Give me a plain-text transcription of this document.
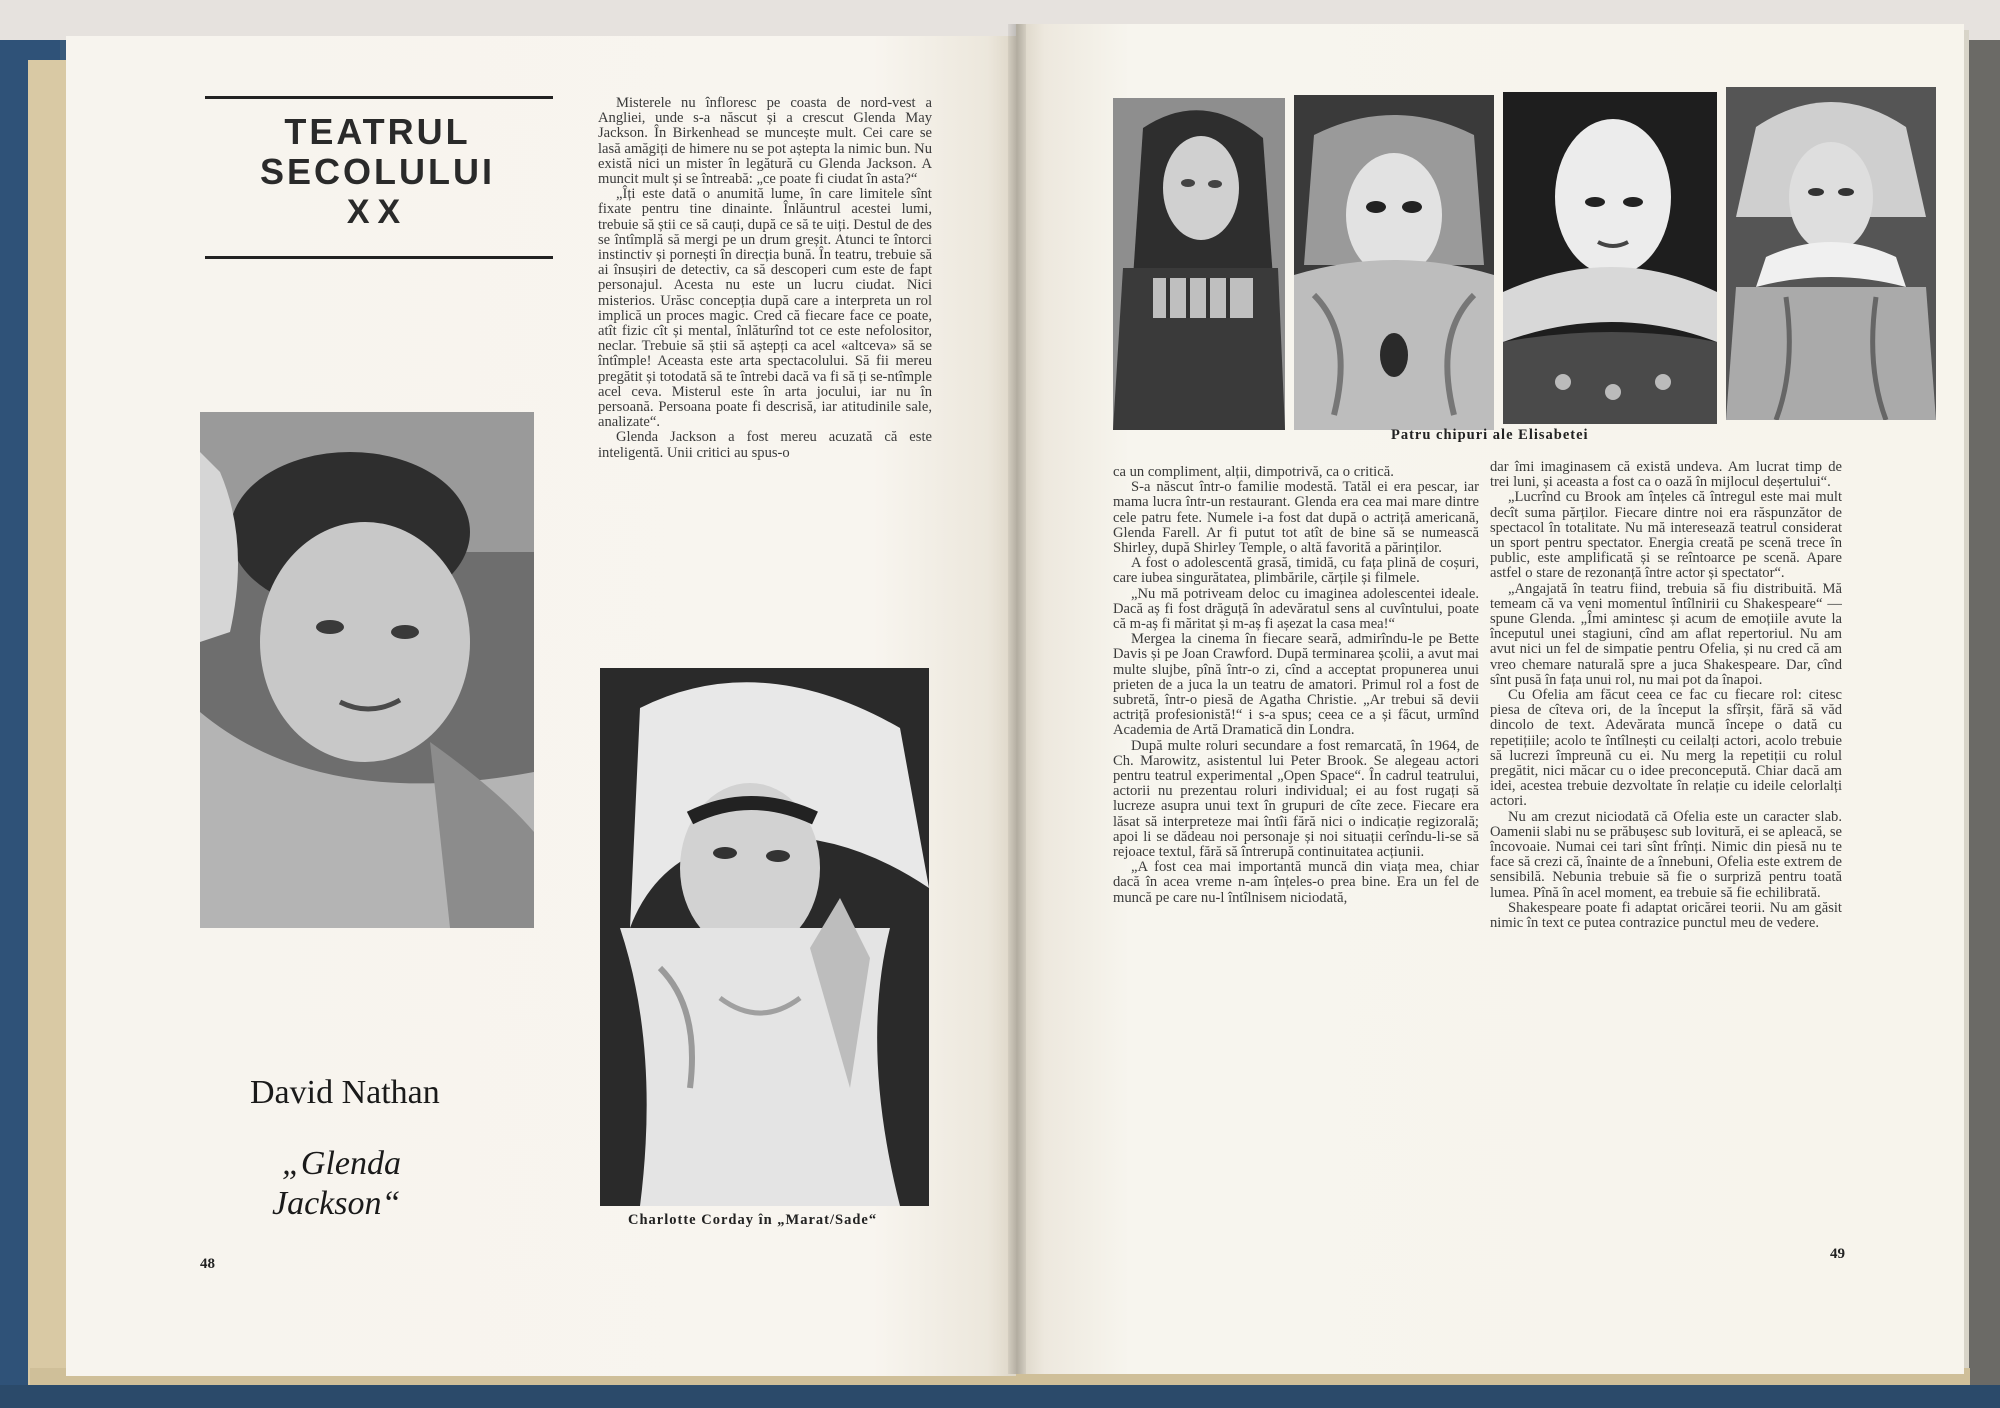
TEATRUL
SECOLULUI
XX

Misterele nu înfloresc pe coasta de nord-vest a Angliei, unde s-a născut și a crescut Glenda May Jackson. În Birkenhead se muncește mult. Cei care se lasă amăgiți de himere nu se pot aștepta la nimic bun. Nu există nici un mister în legătură cu Glenda Jackson. A muncit mult și se întreabă: „ce poate fi ciudat în asta?“

„Îți este dată o anumită lume, în care limitele sînt fixate pentru tine dinainte. Înlăuntrul acestei lumi, trebuie să știi ce să cauți, după ce să te uiți. Destul de des se întîmplă să mergi pe un drum greșit. Atunci te întorci instinctiv și pornești în direcția bună. În teatru, trebuie să ai însușiri de detectiv, ca să descoperi cum este de fapt personajul. Acesta nu este un lucru ciudat. Nici misterios. Urăsc concepția după care a interpreta un rol implică un proces magic. Cred că fiecare face ce poate, atît fizic cît și mental, înlăturînd tot ce este nefolositor, neclar. Trebuie să știi să aștepți ca acel «altceva» să se întîmple! Aceasta este arta spectacolului. Să fii mereu pregătit și totodată să te întrebi dacă va fi să ți se-ntîmple acel ceva. Misterul este în arta jocului, iar nu în persoană. Persoana poate fi descrisă, iar atitudinile sale, analizate“.

Glenda Jackson a fost mereu acuzată că este inteligentă. Unii critici au spus-o

Charlotte Corday în „Marat/Sade“
David Nathan
„Glenda
Jackson“
48
Patru chipuri ale Elisabetei

ca un compliment, alții, dimpotrivă, ca o critică.

S-a născut într-o familie modestă. Tatăl ei era pescar, iar mama lucra într-un restaurant. Glenda era cea mai mare dintre cele patru fete. Numele i-a fost dat după o actriță americană, Glenda Farell. Ar fi putut tot atît de bine să se numească Shirley, după Shirley Temple, o altă favorită a părinților.

A fost o adolescentă grasă, timidă, cu fața plină de coșuri, care iubea singurătatea, plimbările, cărțile și filmele.

„Nu mă potriveam deloc cu imaginea adolescentei ideale. Dacă aș fi fost drăguță în adevăratul sens al cuvîntului, poate că m-aș fi măritat și m-aș fi așezat la casa mea!“

Mergea la cinema în fiecare seară, admirîndu-le pe Bette Davis și pe Joan Crawford. După terminarea școlii, a avut mai multe slujbe, pînă într-o zi, cînd a acceptat propunerea unui prieten de a juca la un teatru de amatori. Primul rol a fost de subretă, într-o piesă de Agatha Christie. „Ar trebui să devii actriță profesionistă!“ i s-a spus; ceea ce a și făcut, urmînd Academia de Artă Dramatică din Londra.

După multe roluri secundare a fost remarcată, în 1964, de Ch. Marowitz, asistentul lui Peter Brook. Se alegeau actori pentru teatrul experimental „Open Space“. În cadrul teatrului, actorii nu prezentau roluri individual; ei au fost rugați să lucreze asupra unui text în grupuri de cîte zece. Fiecare era lăsat să interpreteze mai întîi fără nici o indicație regizorală; apoi li se dădeau noi personaje și noi situații cerîndu-li-se să rejoace textul, fără să întrerupă continuitatea acțiunii.

„A fost cea mai importantă muncă din viața mea, chiar dacă în acea vreme n-am înțeles-o prea bine. Era un fel de muncă pe care nu-l întîlnisem niciodată,

dar îmi imaginasem că există undeva. Am lucrat timp de trei luni, și aceasta a fost ca o oază în mijlocul deșertului“.

„Lucrînd cu Brook am înțeles că întregul este mai mult decît suma părților. Fiecare dintre noi era răspunzător de spectacol în totalitate. Nu mă interesează teatrul considerat un sport pentru spectator. Energia creată pe scenă trece în public, este amplificată și se reîntoarce pe scenă. Apare astfel o stare de rezonanță între actor și spectator“.

„Angajată în teatru fiind, trebuia să fiu distribuită. Mă temeam că va veni momentul întîlnirii cu Shakespeare“ — spune Glenda. „Îmi amintesc și acum de emoțiile avute la începutul unei stagiuni, cînd am aflat repertoriul. Nu am avut nici un fel de simpatie pentru Ofelia, și nu cred că am vreo chemare naturală spre a juca Shakespeare. Dar, cînd sînt pusă în fața unui rol, nu mai pot da înapoi.

Cu Ofelia am făcut ceea ce fac cu fiecare rol: citesc piesa de cîteva ori, de la început la sfîrșit, fără să văd dincolo de text. Adevărata muncă începe o dată cu repetițiile; acolo te întîlnești cu ceilalți actori, acolo trebuie să lucrezi împreună cu ei. Nu merg la repetiții cu rolul pregătit, nici măcar cu o idee preconcepută. Chiar dacă am idei, acestea trebuie dezvoltate în relație cu ideile celorlalți actori.

Nu am crezut niciodată că Ofelia este un caracter slab. Oamenii slabi nu se prăbușesc sub lovitură, ei se apleacă, se încovoaie. Numai cei tari sînt frînți. Nimic din piesă nu te face să crezi că, înainte de a înnebuni, Ofelia este extrem de sensibilă. Nebunia trebuie să fie o surpriză pentru toată lumea. Pînă în acel moment, ea trebuie să fie echilibrată.

Shakespeare poate fi adaptat oricărei teorii. Nu am găsit nimic în text ce putea contrazice punctul meu de vedere.

49
